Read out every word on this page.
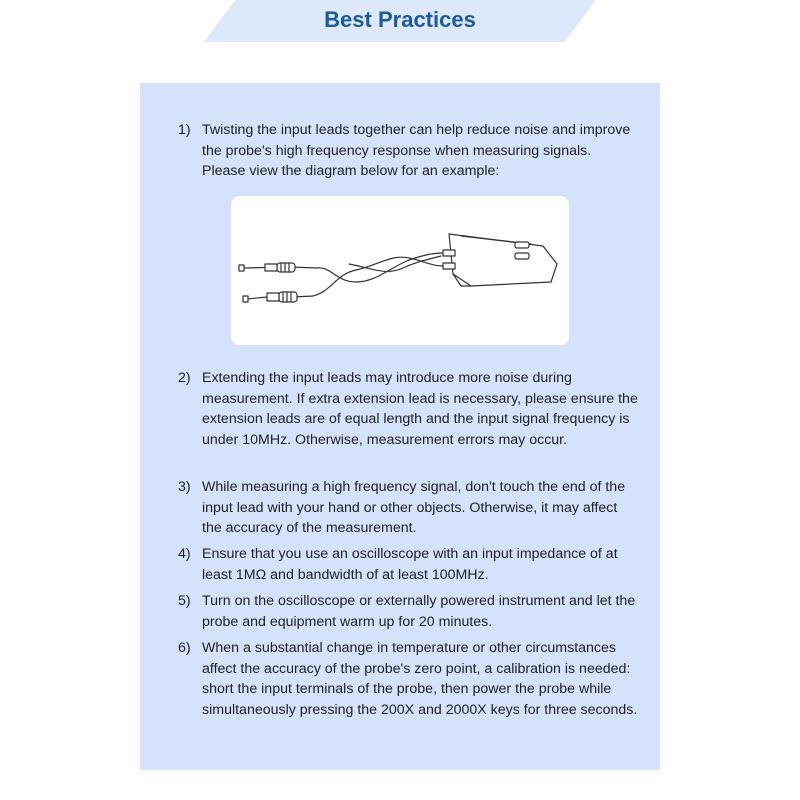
Best Practices
1) Twisting the input leads together can help reduce noise and improve the probe's high frequency response when measuring signals. Please view the diagram below for an example:
2) Extending the input leads may introduce more noise during measurement. If extra extension lead is necessary, please ensure the extension leads are of equal length and the input signal frequency is under 10MHz. Otherwise, measurement errors may occur.
3) While measuring a high frequency signal, don't touch the end of the input lead with your hand or other objects. Otherwise, it may affect the accuracy of the measurement.
4) Ensure that you use an oscilloscope with an input impedance of at least 1MΩ and bandwidth of at least 100MHz.
5) Turn on the oscilloscope or externally powered instrument and let the probe and equipment warm up for 20 minutes.
6) When a substantial change in temperature or other circumstances affect the accuracy of the probe's zero point, a calibration is needed: short the input terminals of the probe, then power the probe while simultaneously pressing the 200X and 2000X keys for three seconds.
